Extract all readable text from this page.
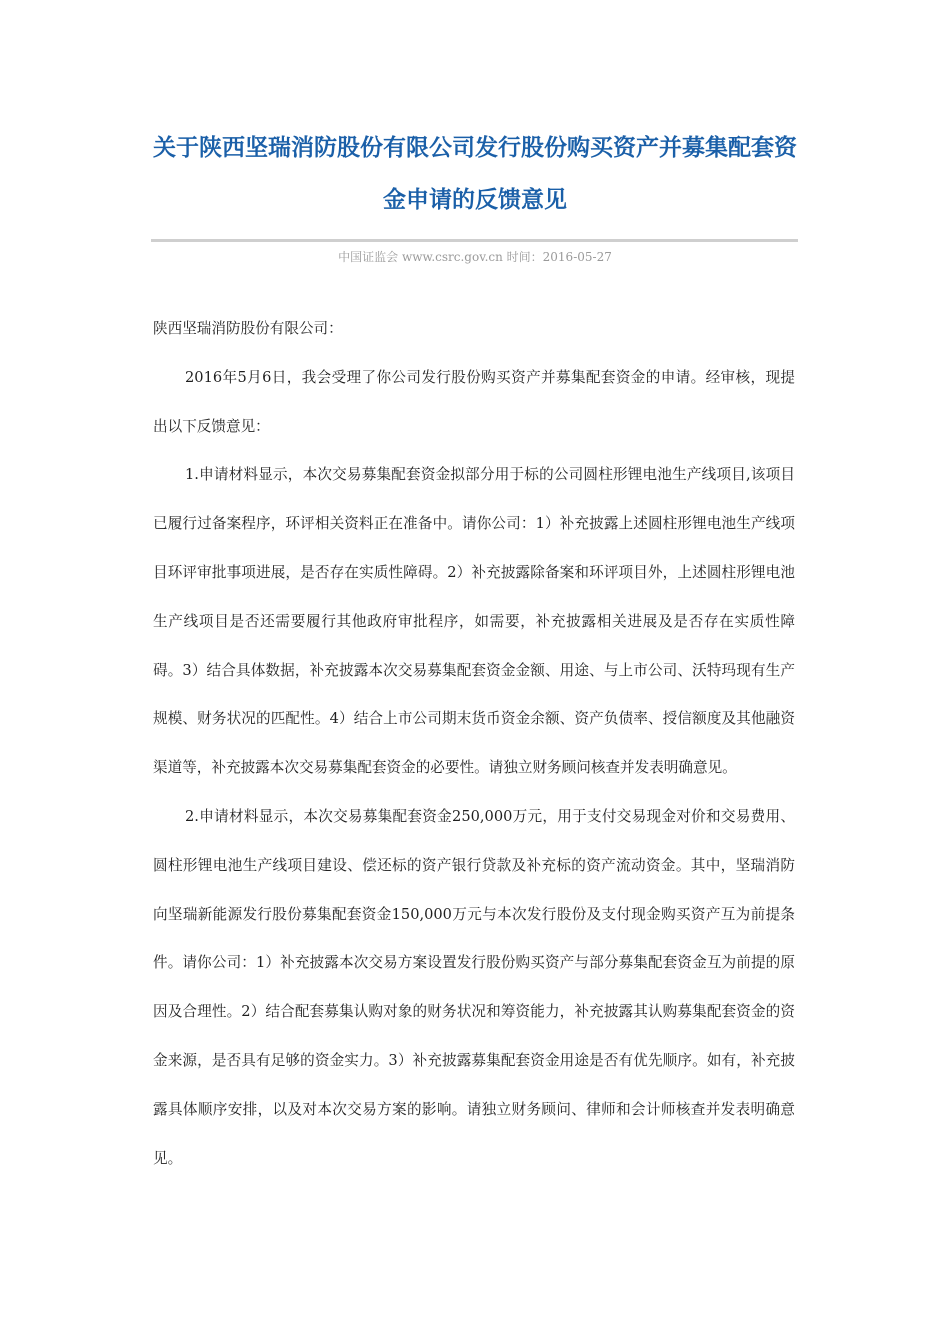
关于陕西坚瑞消防股份有限公司发行股份购买资产并募集配套资金申请的反馈意见
中国证监会 www.csrc.gov.cn 时间：2016-05-27

陕西坚瑞消防股份有限公司：

2016年5月6日，我会受理了你公司发行股份购买资产并募集配套资金的申请。经审核，现提出以下反馈意见：

1.申请材料显示，本次交易募集配套资金拟部分用于标的公司圆柱形锂电池生产线项目,该项目已履行过备案程序，环评相关资料正在准备中。请你公司：1）补充披露上述圆柱形锂电池生产线项目环评审批事项进展，是否存在实质性障碍。2）补充披露除备案和环评项目外，上述圆柱形锂电池生产线项目是否还需要履行其他政府审批程序，如需要，补充披露相关进展及是否存在实质性障碍。3）结合具体数据，补充披露本次交易募集配套资金金额、用途、与上市公司、沃特玛现有生产规模、财务状况的匹配性。4）结合上市公司期末货币资金余额、资产负债率、授信额度及其他融资渠道等，补充披露本次交易募集配套资金的必要性。请独立财务顾问核查并发表明确意见。

2.申请材料显示，本次交易募集配套资金250,000万元，用于支付交易现金对价和交易费用、圆柱形锂电池生产线项目建设、偿还标的资产银行贷款及补充标的资产流动资金。其中，坚瑞消防向坚瑞新能源发行股份募集配套资金150,000万元与本次发行股份及支付现金购买资产互为前提条件。请你公司：1）补充披露本次交易方案设置发行股份购买资产与部分募集配套资金互为前提的原因及合理性。2）结合配套募集认购对象的财务状况和筹资能力，补充披露其认购募集配套资金的资金来源，是否具有足够的资金实力。3）补充披露募集配套资金用途是否有优先顺序。如有，补充披露具体顺序安排，以及对本次交易方案的影响。请独立财务顾问、律师和会计师核查并发表明确意见。
